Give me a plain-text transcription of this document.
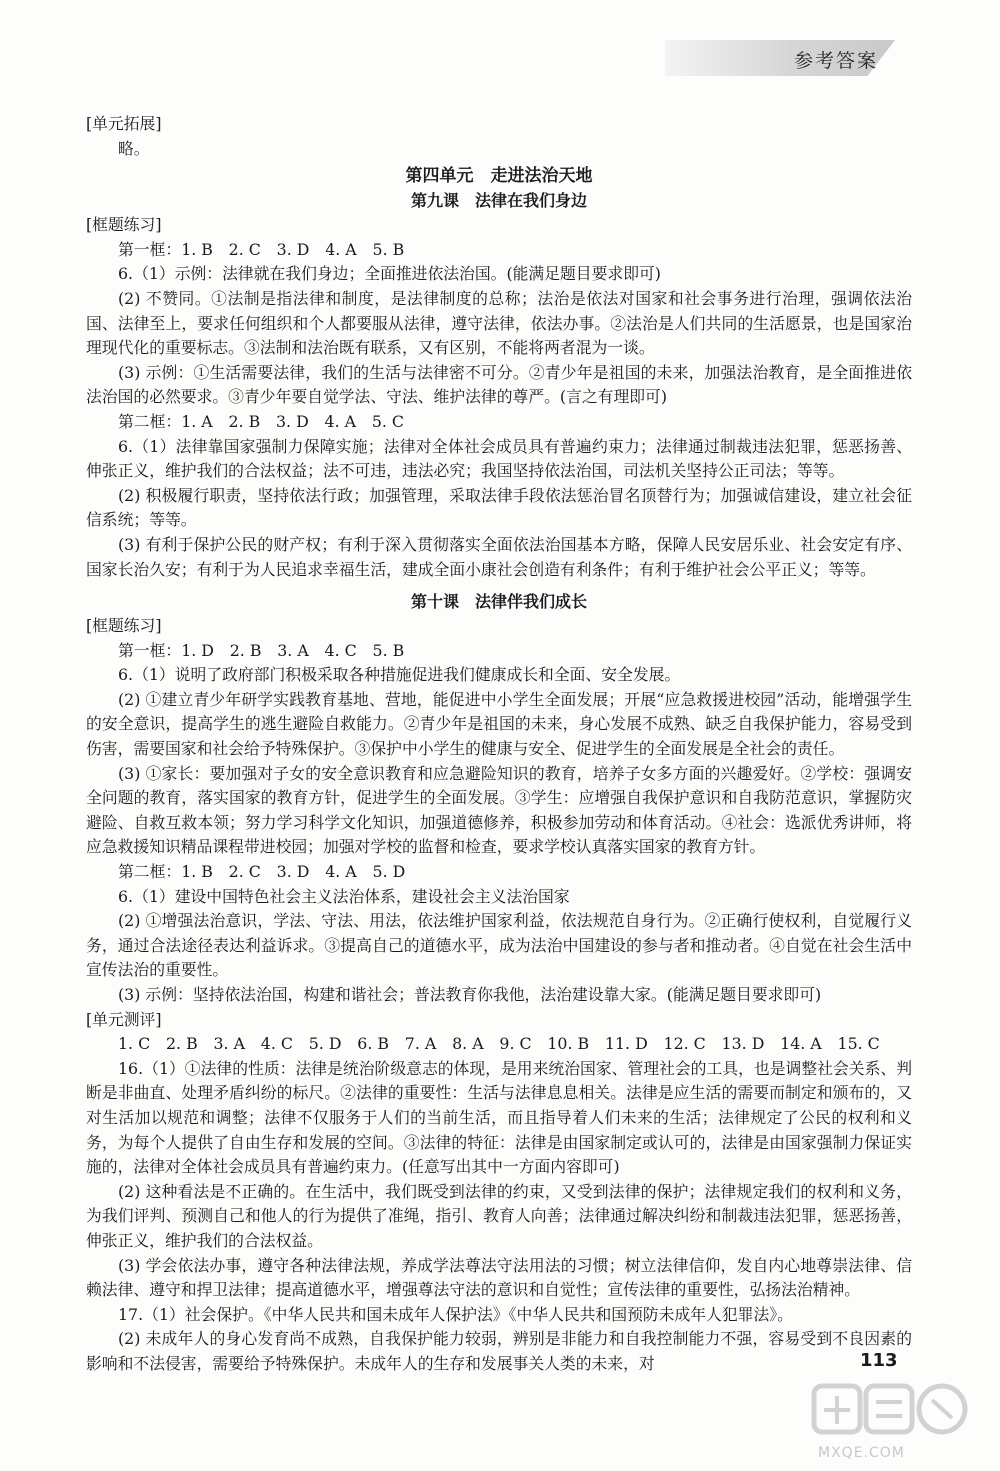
参考答案

[单元拓展]

略。

第四单元　走进法治天地

第九课　法律在我们身边

[框题练习]

第一框：1. B　2. C　3. D　4. A　5. B

6.（1）示例：法律就在我们身边；全面推进依法治国。(能满足题目要求即可)

(2) 不赞同。①法制是指法律和制度，是法律制度的总称；法治是依法对国家和社会事务进行治理，强调依法治国、法律至上，要求任何组织和个人都要服从法律，遵守法律，依法办事。②法治是人们共同的生活愿景，也是国家治理现代化的重要标志。③法制和法治既有联系，又有区别，不能将两者混为一谈。

(3) 示例：①生活需要法律，我们的生活与法律密不可分。②青少年是祖国的未来，加强法治教育，是全面推进依法治国的必然要求。③青少年要自觉学法、守法、维护法律的尊严。(言之有理即可)

第二框：1. A　2. B　3. D　4. A　5. C

6.（1）法律靠国家强制力保障实施；法律对全体社会成员具有普遍约束力；法律通过制裁违法犯罪，惩恶扬善、伸张正义，维护我们的合法权益；法不可违，违法必究；我国坚持依法治国，司法机关坚持公正司法；等等。

(2) 积极履行职责，坚持依法行政；加强管理，采取法律手段依法惩治冒名顶替行为；加强诚信建设，建立社会征信系统；等等。

(3) 有利于保护公民的财产权；有利于深入贯彻落实全面依法治国基本方略，保障人民安居乐业、社会安定有序、国家长治久安；有利于为人民追求幸福生活，建成全面小康社会创造有利条件；有利于维护社会公平正义；等等。

第十课　法律伴我们成长

[框题练习]

第一框：1. D　2. B　3. A　4. C　5. B

6.（1）说明了政府部门积极采取各种措施促进我们健康成长和全面、安全发展。

(2) ①建立青少年研学实践教育基地、营地，能促进中小学生全面发展；开展“应急救援进校园”活动，能增强学生的安全意识，提高学生的逃生避险自救能力。②青少年是祖国的未来，身心发展不成熟、缺乏自我保护能力，容易受到伤害，需要国家和社会给予特殊保护。③保护中小学生的健康与安全、促进学生的全面发展是全社会的责任。

(3) ①家长：要加强对子女的安全意识教育和应急避险知识的教育，培养子女多方面的兴趣爱好。②学校：强调安全问题的教育，落实国家的教育方针，促进学生的全面发展。③学生：应增强自我保护意识和自我防范意识，掌握防灾避险、自救互救本领；努力学习科学文化知识，加强道德修养，积极参加劳动和体育活动。④社会：选派优秀讲师，将应急救援知识精品课程带进校园；加强对学校的监督和检查，要求学校认真落实国家的教育方针。

第二框：1. B　2. C　3. D　4. A　5. D

6.（1）建设中国特色社会主义法治体系，建设社会主义法治国家

(2) ①增强法治意识，学法、守法、用法，依法维护国家利益，依法规范自身行为。②正确行使权利，自觉履行义务，通过合法途径表达利益诉求。③提高自己的道德水平，成为法治中国建设的参与者和推动者。④自觉在社会生活中宣传法治的重要性。

(3) 示例：坚持依法治国，构建和谐社会；普法教育你我他，法治建设靠大家。(能满足题目要求即可)

[单元测评]

1. C　2. B　3. A　4. C　5. D　6. B　7. A　8. A　9. C　10. B　11. D　12. C　13. D　14. A　15. C

16.（1）①法律的性质：法律是统治阶级意志的体现，是用来统治国家、管理社会的工具，也是调整社会关系、判断是非曲直、处理矛盾纠纷的标尺。②法律的重要性：生活与法律息息相关。法律是应生活的需要而制定和颁布的，又对生活加以规范和调整；法律不仅服务于人们的当前生活，而且指导着人们未来的生活；法律规定了公民的权利和义务，为每个人提供了自由生存和发展的空间。③法律的特征：法律是由国家制定或认可的，法律是由国家强制力保证实施的，法律对全体社会成员具有普遍约束力。(任意写出其中一方面内容即可)

(2) 这种看法是不正确的。在生活中，我们既受到法律的约束，又受到法律的保护；法律规定我们的权利和义务，为我们评判、预测自己和他人的行为提供了准绳，指引、教育人向善；法律通过解决纠纷和制裁违法犯罪，惩恶扬善，伸张正义，维护我们的合法权益。

(3) 学会依法办事，遵守各种法律法规，养成学法尊法守法用法的习惯；树立法律信仰，发自内心地尊崇法律、信赖法律、遵守和捍卫法律；提高道德水平，增强尊法守法的意识和自觉性；宣传法律的重要性，弘扬法治精神。

17.（1）社会保护。《中华人民共和国未成年人保护法》《中华人民共和国预防未成年人犯罪法》。

(2) 未成年人的身心发育尚不成熟，自我保护能力较弱，辨别是非能力和自我控制能力不强，容易受到不良因素的影响和不法侵害，需要给予特殊保护。未成年人的生存和发展事关人类的未来，对	113
MXQE.COM
